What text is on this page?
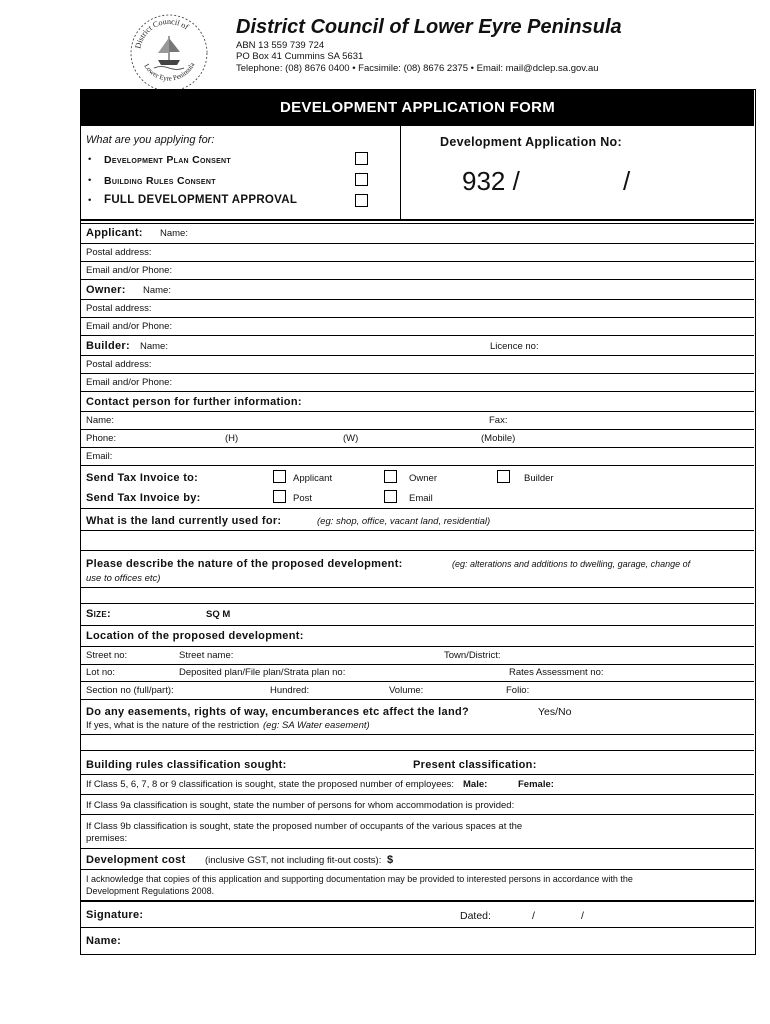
District Council of
Lower Eyre Peninsula
District Council of Lower Eyre Peninsula
ABN 13 559 739 724
PO Box 41 Cummins SA 5631
Telephone: (08) 8676 0400 • Facsimile: (08) 8676 2375 • Email: mail@dclep.sa.gov.au
DEVELOPMENT APPLICATION FORM
What are you applying for:
• Development Plan Consent
• Building Rules Consent
• FULL DEVELOPMENT APPROVAL
Development Application No:
932 /	/
Applicant: Name:
Postal address:
Email and/or Phone:
Owner: Name:
Postal address:
Email and/or Phone:
Builder: Name:	Licence no:
Postal address:
Email and/or Phone:
Contact person for further information:
Name:	Fax:
Phone:	(H)	(W)	(Mobile)
Email:
Send Tax Invoice to:	Applicant	Owner	Builder
Send Tax Invoice by:	Post	Email
What is the land currently used for:	(eg: shop, office, vacant land, residential)
Please describe the nature of the proposed development:	(eg: alterations and additions to dwelling, garage, change of
use to offices etc)
Size:	SQ M
Location of the proposed development:
Street no:	Street name:	Town/District:
Lot no:	Deposited plan/File plan/Strata plan no:	Rates Assessment no:
Section no (full/part):	Hundred:	Volume:	Folio:
Do any easements, rights of way, encumberances etc affect the land?	Yes/No
If yes, what is the nature of the restriction (eg: SA Water easement)
Building rules classification sought:	Present classification:
If Class 5, 6, 7, 8 or 9 classification is sought, state the proposed number of employees: Male:	Female:
If Class 9a classification is sought, state the number of persons for whom accommodation is provided:
If Class 9b classification is sought, state the proposed number of occupants of the various spaces at the
premises:
Development cost (inclusive GST, not including fit-out costs): $
I acknowledge that copies of this application and supporting documentation may be provided to interested persons in accordance with the
Development Regulations 2008.
Signature:	Dated:	/	/
Name:
